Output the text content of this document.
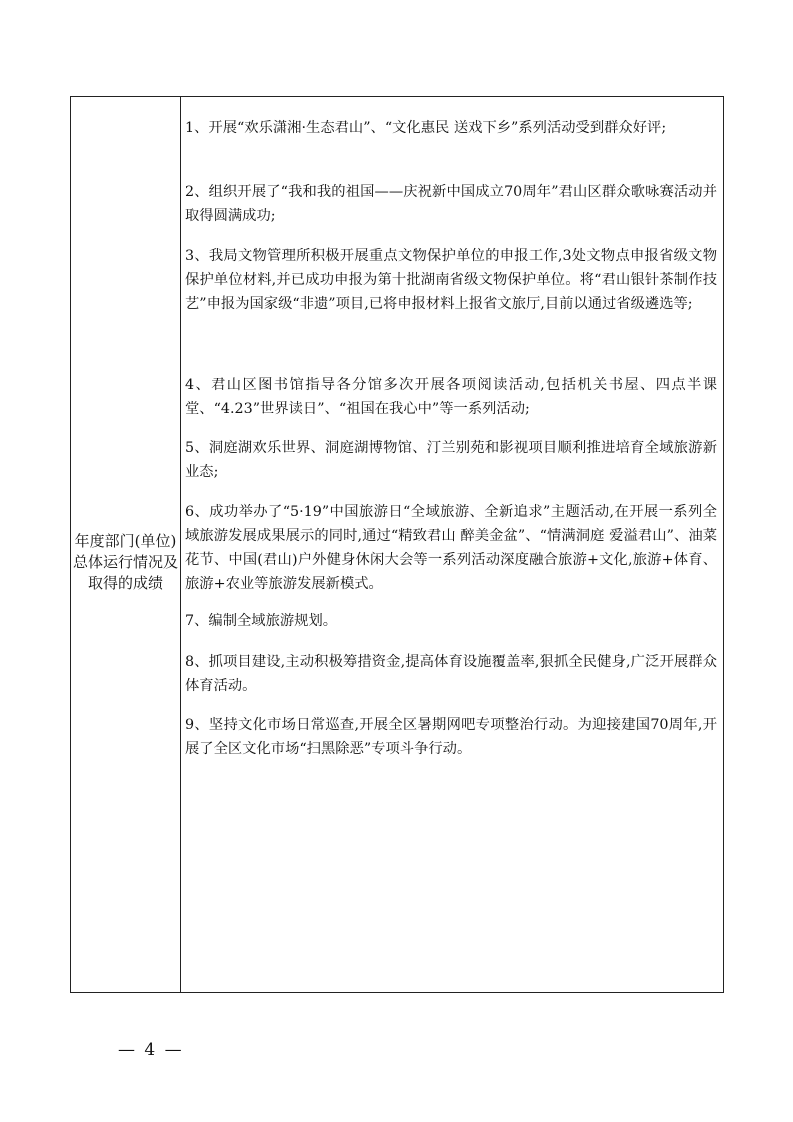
年度部门(单位)总体运行情况及取得的成绩
1、开展“欢乐潇湘·生态君山”、“文化惠民 送戏下乡”系列活动受到群众好评;
2、组织开展了“我和我的祖国——庆祝新中国成立70周年”君山区群众歌咏赛活动并取得圆满成功;
3、我局文物管理所积极开展重点文物保护单位的申报工作,3处文物点申报省级文物保护单位材料,并已成功申报为第十批湖南省级文物保护单位。将“君山银针茶制作技艺”申报为国家级“非遗”项目,已将申报材料上报省文旅厅,目前以通过省级遴选等;
4、君山区图书馆指导各分馆多次开展各项阅读活动,包括机关书屋、四点半课堂、“4.23”世界读日”、“祖国在我心中”等一系列活动;
5、洞庭湖欢乐世界、洞庭湖博物馆、汀兰别苑和影视项目顺利推进培育全域旅游新业态;
6、成功举办了“5·19”中国旅游日“全域旅游、全新追求”主题活动,在开展一系列全域旅游发展成果展示的同时,通过“精致君山 醉美金盆”、“情满洞庭 爱溢君山”、油菜花节、中国(君山)户外健身休闲大会等一系列活动深度融合旅游+文化,旅游+体育、旅游+农业等旅游发展新模式。
7、编制全域旅游规划。
8、抓项目建设,主动积极筹措资金,提高体育设施覆盖率,狠抓全民健身,广泛开展群众体育活动。
9、坚持文化市场日常巡查,开展全区暑期网吧专项整治行动。为迎接建国70周年,开展了全区文化市场“扫黑除恶”专项斗争行动。
— 4 —
